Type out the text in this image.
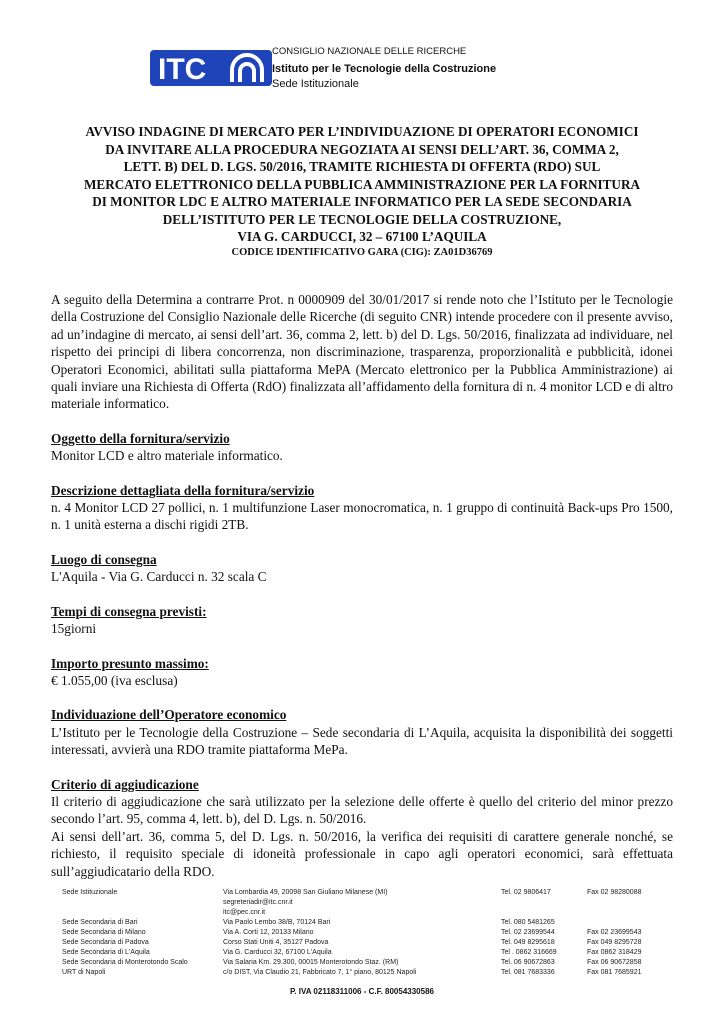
ITC
CONSIGLIO NAZIONALE DELLE RICERCHE
Istituto per le Tecnologie della Costruzione
Sede Istituzionale
AVVISO INDAGINE DI MERCATO PER L’INDIVIDUAZIONE DI OPERATORI ECONOMICI
DA INVITARE ALLA PROCEDURA NEGOZIATA AI SENSI DELL’ART. 36, COMMA 2,
LETT. B) DEL D. LGS. 50/2016, TRAMITE RICHIESTA DI OFFERTA (RDO) SUL
MERCATO ELETTRONICO DELLA PUBBLICA AMMINISTRAZIONE PER LA FORNITURA
DI MONITOR LDC E ALTRO MATERIALE INFORMATICO PER LA SEDE SECONDARIA
DELL’ISTITUTO PER LE TECNOLOGIE DELLA COSTRUZIONE,
VIA G. CARDUCCI, 32 – 67100 L’AQUILA
CODICE IDENTIFICATIVO GARA (CIG): ZA01D36769

A seguito della Determina a contrarre Prot. n 0000909 del 30/01/2017 si rende noto che l’Istituto per le Tecnologie della Costruzione del Consiglio Nazionale delle Ricerche (di seguito CNR) intende procedere con il presente avviso, ad un’indagine di mercato, ai sensi dell’art. 36, comma 2, lett. b) del D. Lgs. 50/2016, finalizzata ad individuare, nel rispetto dei principi di libera concorrenza, non discriminazione, trasparenza, proporzionalità e pubblicità, idonei Operatori Economici, abilitati sulla piattaforma MePA (Mercato elettronico per la Pubblica Amministrazione) ai quali inviare una Richiesta di Offerta (RdO) finalizzata all’affidamento della fornitura di n. 4 monitor LCD e di altro materiale informatico.

Oggetto della fornitura/servizio

Monitor LCD e altro materiale informatico.

Descrizione dettagliata della fornitura/servizio

n. 4 Monitor LCD 27 pollici, n. 1 multifunzione Laser monocromatica, n. 1 gruppo di continuità Back-ups Pro 1500, n. 1 unità esterna a dischi rigidi 2TB.

Luogo di consegna

L'Aquila - Via G. Carducci n. 32 scala C

Tempi di consegna previsti:

15giorni

Importo presunto massimo:

€ 1.055,00 (iva esclusa)

Individuazione dell’Operatore economico

L’Istituto per le Tecnologie della Costruzione – Sede secondaria di L’Aquila, acquisita la disponibilità dei soggetti interessati, avvierà una RDO tramite piattaforma MePa.

Criterio di aggiudicazione

Il criterio di aggiudicazione che sarà utilizzato per la selezione delle offerte è quello del criterio del minor prezzo secondo l’art. 95, comma 4, lett. b), del D. Lgs. n. 50/2016.

Ai sensi dell’art. 36, comma 5, del D. Lgs. n. 50/2016, la verifica dei requisiti di carattere generale nonché, se richiesto, il requisito speciale di idoneità professionale in capo agli operatori economici, sarà effettuata sull’aggiudicatario della RDO.

Sede Istituzionale	Via Lombardia 49, 20098 San Giuliano Milanese (MI)	Tel. 02 9806417	Fax 02 98280088
segreteriadir@itc.cnr.it
itc@pec.cnr.it
Sede Secondaria di Bari	Via Paolo Lembo 38/B, 70124 Bari	Tel. 080 5481265
Sede Secondaria di Milano	Via A. Corti 12, 20133 Milano	Tel. 02 23699544	Fax 02 23699543
Sede Secondaria di Padova	Corso Stati Uniti 4, 35127 Padova	Tel. 049 8295618	Fax 049 8295728
Sede Secondaria di L'Aquila	Via G. Carducci 32, 67100 L'Aquila	Tel . 0862 316669	Fax 0862 318429
Sede Secondaria di Monterotondo Scalo	Via Salaria Km. 29.300, 00015 Monterotondo Staz. (RM)	Tel. 06 90672863	Fax 06 90672858
URT di Napoli	c/o DIST, Via Claudio 21, Fabbricato 7, 1° piano, 80125 Napoli	Tel. 081 7683336	Fax 081 7685921
P. IVA 02118311006 - C.F. 80054330586
